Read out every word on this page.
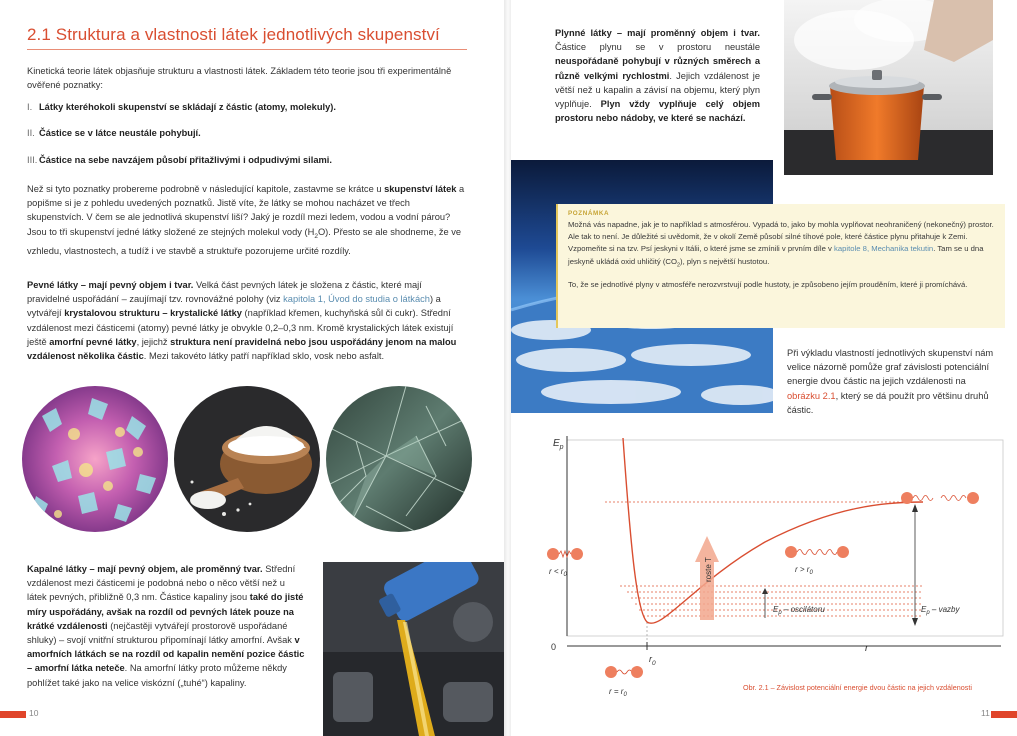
2.1 Struktura a vlastnosti látek jednotlivých skupenství

Kinetická teorie látek objasňuje strukturu a vlastnosti látek. Základem této teorie jsou tři experimentálně ověřené poznatky:

I. Látky kteréhokoli skupenství se skládají z částic (atomy, molekuly).
II. Částice se v látce neustále pohybují.
III. Částice na sebe navzájem působí přitažlivými i odpudivými silami.

Než si tyto poznatky probereme podrobně v následující kapitole, zastavme se krátce u skupenství látek a popišme si je z pohledu uvedených poznatků. Jistě víte, že látky se mohou nacházet ve třech skupenstvích. V čem se ale jednotlivá skupenství liší? Jaký je rozdíl mezi ledem, vodou a vodní párou? Jsou to tři skupenství jedné látky složené ze stejných molekul vody $(H_2O)$. Přesto se ale shodneme, že ve vzhledu, vlastnostech, a tudíž i ve stavbě a struktuře pozorujeme určité rozdíly.

Pevné látky – mají pevný objem i tvar. Velká část pevných látek je složena z částic, které mají pravidelné uspořádání – zaujímají tzv. rovnovážné polohy (viz kapitola 1, Úvod do studia o látkách) a vytvářejí krystalovou strukturu – krystalické látky (například křemen, kuchyňská sůl či cukr). Střední vzdálenost mezi částicemi (atomy) pevné látky je obvykle 0,2–0,3 nm. Kromě krystalických látek existují ještě amorfní pevné látky, jejichž struktura není pravidelná nebo jsou uspořádány jenom na malou vzdálenost několika částic. Mezi takovéto látky patří například sklo, vosk nebo asfalt.

Kapalné látky – mají pevný objem, ale proměnný tvar. Střední vzdálenost mezi částicemi je podobná nebo o něco větší než u látek pevných, přibližně 0,3 nm. Částice kapaliny jsou také do jisté míry uspořádány, avšak na rozdíl od pevných látek pouze na krátké vzdálenosti (nejčastěji vytvářejí prostorově uspořádané shluky) – svojí vnitřní strukturou připomínají látky amorfní. Avšak v amorfních látkách se na rozdíl od kapalin nemění pozice částic – amorfní látka neteče. Na amorfní látky proto můžeme někdy pohlížet také jako na velice viskózní („tuhé“) kapaliny.

10

Plynné látky – mají proměnný objem i tvar. Částice plynu se v prostoru neustále neuspořádaně pohybují v různých směrech a různě velkými rychlostmi. Jejich vzdálenost je větší než u kapalin a závisí na objemu, který plyn vyplňuje. Plyn vždy vyplňuje celý objem prostoru nebo nádoby, ve které se nachází.

POZNÁMKA

Možná vás napadne, jak je to například s atmosférou. Vypadá to, jako by mohla vyplňovat neohraničený (nekonečný) prostor. Ale tak to není. Je důležité si uvědomit, že v okolí Země působí silné tíhové pole, které částice plynu přitahuje k Zemi. Vzpomeňte si na tzv. Psí jeskyni v Itálii, o které jsme se zmínili v prvním díle v kapitole 8, Mechanika tekutin. Tam se u dna jeskyně ukládá oxid uhličitý $(CO_2)$, plyn s největší hustotou.

To, že se jednotlivé plyny v atmosféře nerozvrstvují podle hustoty, je způsobeno jejím prouděním, které ji promíchává.

Při výkladu vlastností jednotlivých skupenství nám velice názorně pomůže graf závislosti potenciální energie dvou částic na jejich vzdálenosti na obrázku 2.1, který se dá použít pro většinu druhů částic.

$E_p$
0	r
$r_0$
roste T
$E_p$ – oscilátoru	$E_p$ – vazby
$r < r_0$
$r > r_0$
$r = r_0$
Obr. 2.1 – Závislost potenciální energie dvou částic na jejich vzdálenosti
11
